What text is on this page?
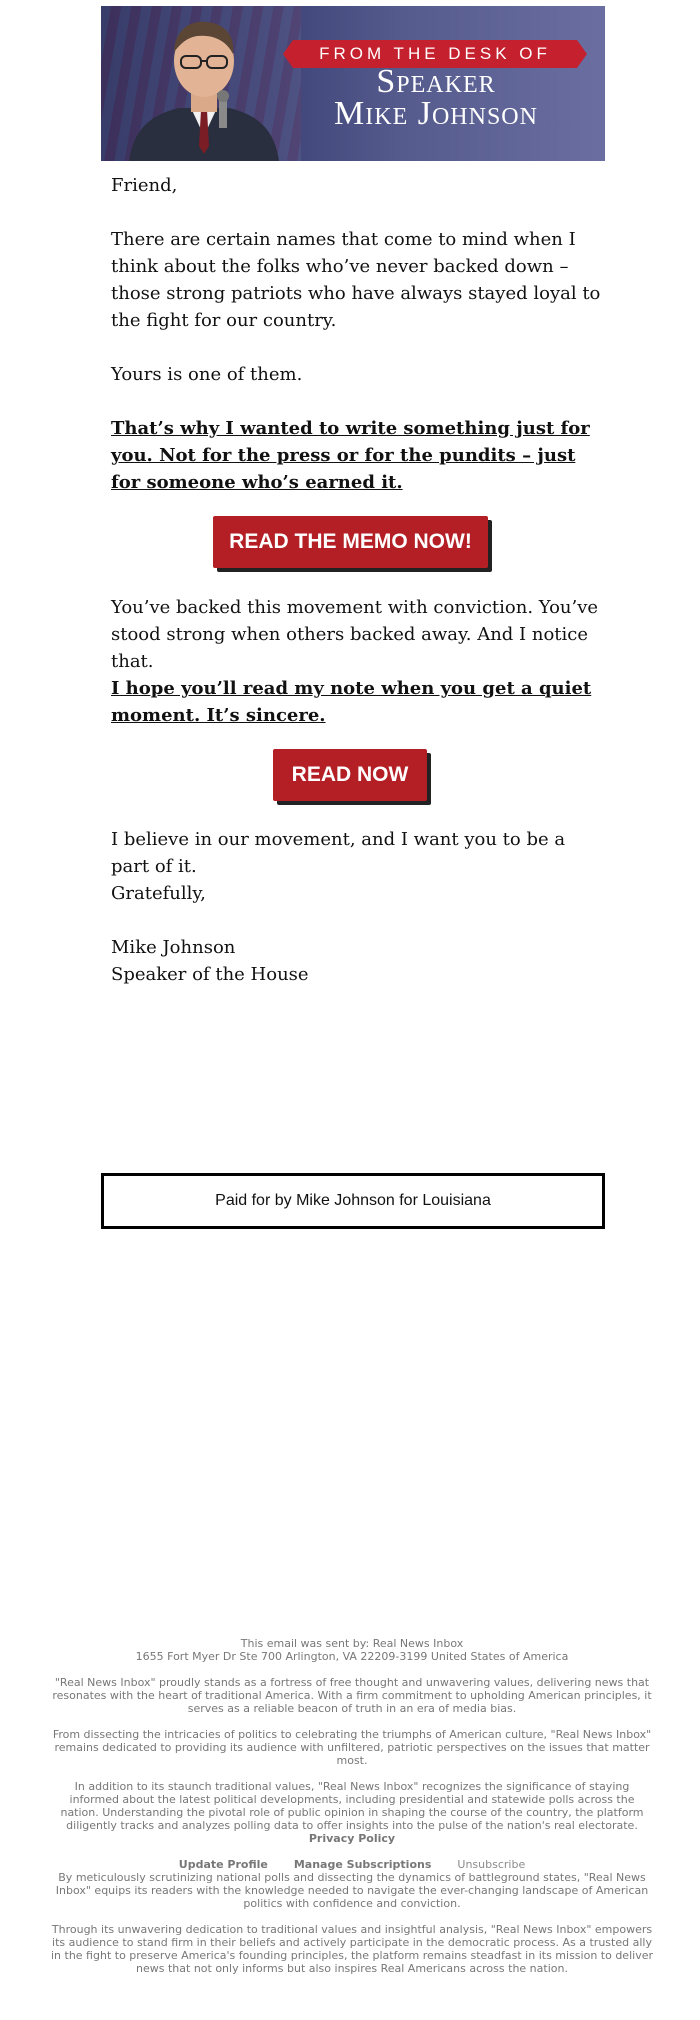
FROM THE DESK OF
Speaker
Mike Johnson

Friend,

There are certain names that come to mind when I think about the folks who’ve never backed down – those strong patriots who have always stayed loyal to the fight for our country.

Yours is one of them.

That’s why I wanted to write something just for you. Not for the press or for the pundits – just for someone who’s earned it.

READ THE MEMO NOW!

You’ve backed this movement with conviction. You’ve stood strong when others backed away. And I notice that.

I hope you’ll read my note when you get a quiet moment. It’s sincere.

READ NOW

I believe in our movement, and I want you to be a part of it.

Gratefully,

Mike Johnson

Speaker of the House

Paid for by Mike Johnson for Louisiana

This email was sent by: Real News Inbox

1655 Fort Myer Dr Ste 700 Arlington, VA 22209-3199 United States of America

"Real News Inbox" proudly stands as a fortress of free thought and unwavering values, delivering news that resonates with the heart of traditional America. With a firm commitment to upholding American principles, it serves as a reliable beacon of truth in an era of media bias.

From dissecting the intricacies of politics to celebrating the triumphs of American culture, "Real News Inbox" remains dedicated to providing its audience with unfiltered, patriotic perspectives on the issues that matter most.

In addition to its staunch traditional values, "Real News Inbox" recognizes the significance of staying informed about the latest political developments, including presidential and statewide polls across the nation. Understanding the pivotal role of public opinion in shaping the course of the country, the platform diligently tracks and analyzes polling data to offer insights into the pulse of the nation's real electorate.

Privacy Policy

Update Profile Manage Subscriptions Unsubscribe

By meticulously scrutinizing national polls and dissecting the dynamics of battleground states, "Real News Inbox" equips its readers with the knowledge needed to navigate the ever-changing landscape of American politics with confidence and conviction.

Through its unwavering dedication to traditional values and insightful analysis, "Real News Inbox" empowers its audience to stand firm in their beliefs and actively participate in the democratic process. As a trusted ally in the fight to preserve America's founding principles, the platform remains steadfast in its mission to deliver news that not only informs but also inspires Real Americans across the nation.
